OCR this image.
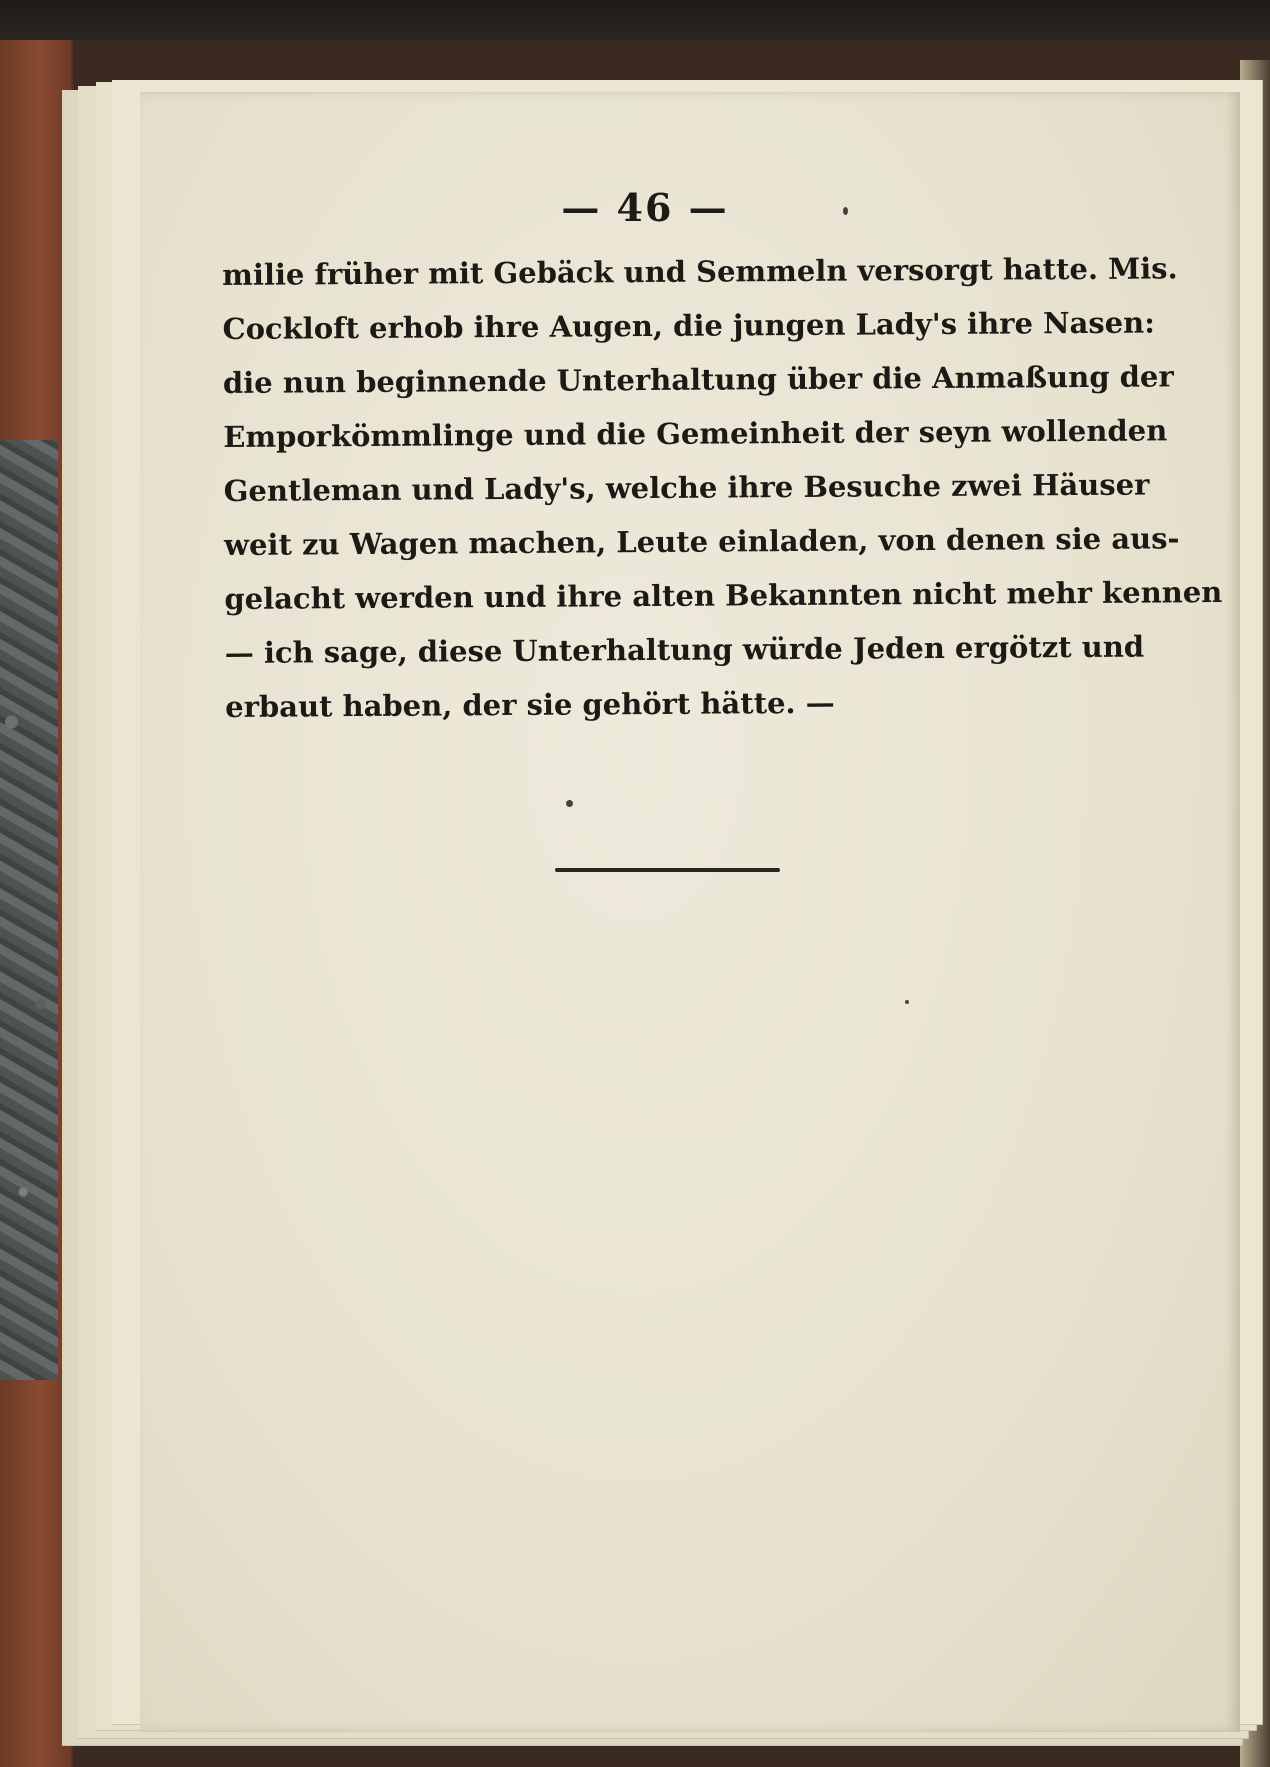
— 46 —
milie früher mit Gebäck und Semmeln versorgt hatte. Mis.
Cockloft erhob ihre Augen, die jungen Lady's ihre Nasen:
die nun beginnende Unterhaltung über die Anmaßung der
Emporkömmlinge und die Gemeinheit der seyn wollenden
Gentleman und Lady's, welche ihre Besuche zwei Häuser
weit zu Wagen machen, Leute einladen, von denen sie aus-
gelacht werden und ihre alten Bekannten nicht mehr kennen
— ich sage, diese Unterhaltung würde Jeden ergötzt und
erbaut haben, der sie gehört hätte. —
